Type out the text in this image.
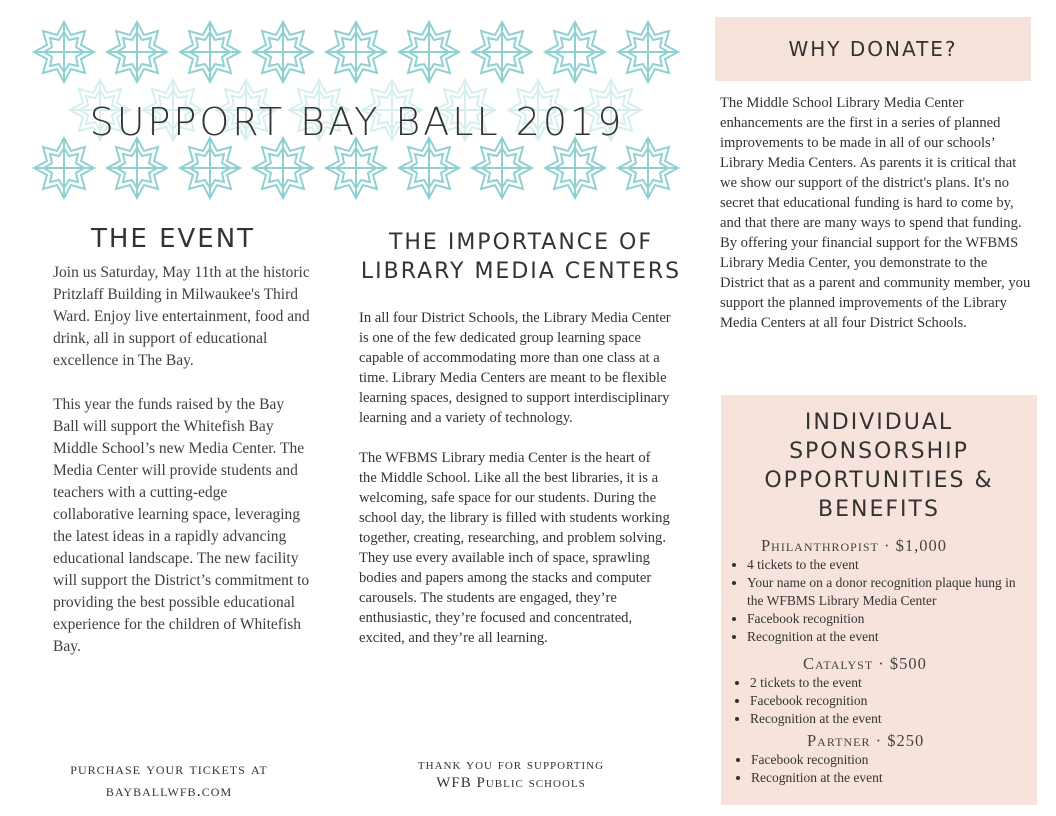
SUPPORT BAY BALL 2019
THE EVENT

Join us Saturday, May 11th at the historic Pritzlaff Building in Milwaukee's Third Ward. Enjoy live entertainment, food and drink, all in support of educational excellence in The Bay.

This year the funds raised by the Bay Ball will support the Whitefish Bay Middle School’s new Media Center. The Media Center will provide students and teachers with a cutting-edge collaborative learning space, leveraging the latest ideas in a rapidly advancing educational landscape. The new facility will support the District’s commitment to providing the best possible educational experience for the children of Whitefish Bay.

purchase your tickets at
bayballwfb.com
THE IMPORTANCE OF LIBRARY MEDIA CENTERS

In all four District Schools, the Library Media Center is one of the few dedicated group learning space capable of accommodating more than one class at a time. Library Media Centers are meant to be flexible learning spaces, designed to support interdisciplinary learning and a variety of technology.

The WFBMS Library media Center is the heart of the Middle School. Like all the best libraries, it is a welcoming, safe space for our students. During the school day, the library is filled with students working together, creating, researching, and problem solving. They use every available inch of space, sprawling bodies and papers among the stacks and computer carousels. The students are engaged, they’re enthusiastic, they’re focused and concentrated, excited, and they’re all learning.

thank you for supporting
WFB Public schools
WHY DONATE?

The Middle School Library Media Center enhancements are the first in a series of planned improvements to be made in all of our schools’ Library Media Centers. As parents it is critical that we show our support of the district's plans. It's no secret that educational funding is hard to come by, and that there are many ways to spend that funding. By offering your financial support for the WFBMS Library Media Center, you demonstrate to the District that as a parent and community member, you support the planned improvements of the Library Media Centers at all four District Schools.

INDIVIDUAL SPONSORSHIP OPPORTUNITIES & BENEFITS
Philanthropist · $1,000
• 4 tickets to the event
• Your name on a donor recognition plaque hung in the WFBMS Library Media Center
• Facebook recognition
• Recognition at the event
Catalyst · $500
• 2 tickets to the event
• Facebook recognition
• Recognition at the event
Partner · $250
• Facebook recognition
• Recognition at the event
